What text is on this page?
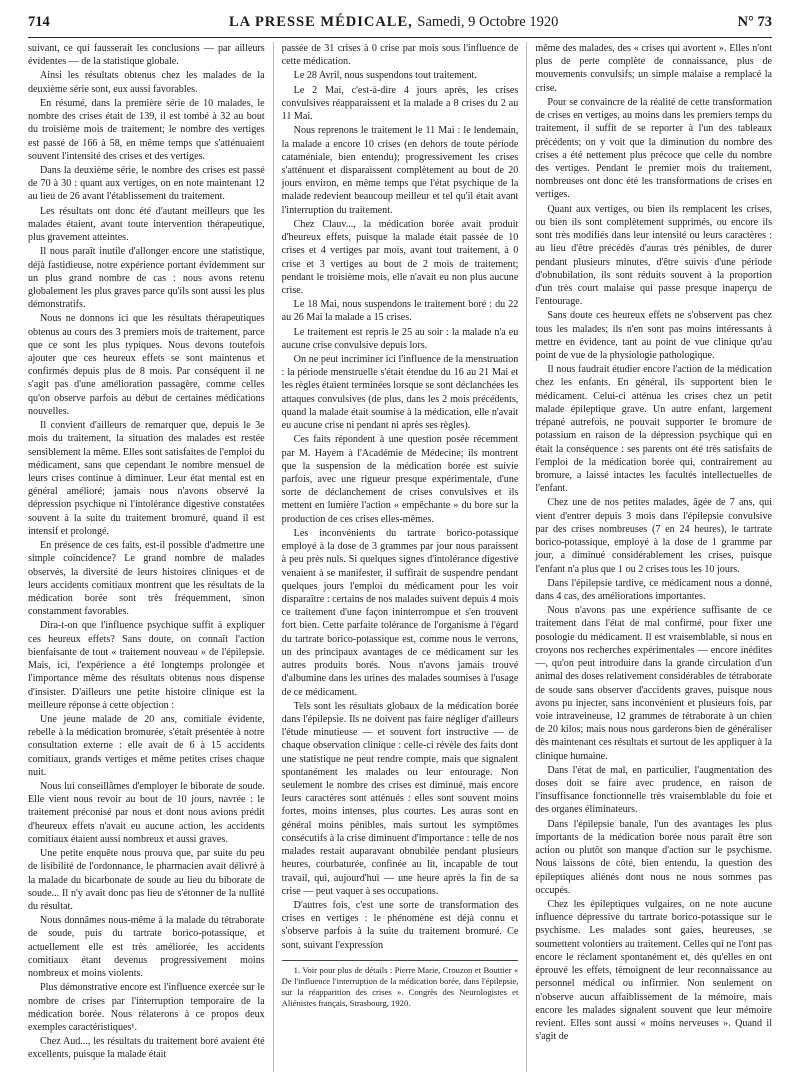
714	LA PRESSE MÉDICALE, Samedi, 9 Octobre 1920	N° 73

suivant, ce qui fausserait les conclusions — par ailleurs évidentes — de la statistique globale.

Ainsi les résultats obtenus chez les malades de la deuxième série sont, eux aussi favorables.

En résumé, dans la première série de 10 malades, le nombre des crises était de 139, il est tombé à 32 au bout du troisième mois de traitement; le nombre des vertiges est passé de 166 à 58, en même temps que s'atténuaient souvent l'intensité des crises et des vertiges.

Dans la deuxième série, le nombre des crises est passé de 70 à 30 : quant aux vertiges, on en note maintenant 12 au lieu de 26 avant l'établissement du traitement.

Les résultats ont donc été d'autant meilleurs que les malades étaient, avant toute intervention thérapeutique, plus gravement atteintes.

Il nous paraît inutile d'allonger encore une statistique, déjà fastidieuse, notre expérience portant évidemment sur un plus grand nombre de cas : nous avons retenu globalement les plus graves parce qu'ils sont aussi les plus démonstratifs.

Nous ne donnons ici que les résultats thérapeutiques obtenus au cours des 3 premiers mois de traitement, parce que ce sont les plus typiques. Nous devons toutefois ajouter que ces heureux effets se sont maintenus et confirmés depuis plus de 8 mois. Par conséquent il ne s'agit pas d'une amélioration passagère, comme celles qu'on observe parfois au début de certaines médications nouvelles.

Il convient d'ailleurs de remarquer que, depuis le 3e mois du traitement, la situation des malades est restée sensiblement la même. Elles sont satisfaites de l'emploi du médicament, sans que cependant le nombre mensuel de leurs crises continue à diminuer. Leur état mental est en général amélioré; jamais nous n'avons observé la dépression psychique ni l'intolérance digestive constatées souvent à la suite du traitement bromuré, quand il est intensif et prolongé.

En présence de ces faits, est-il possible d'admettre une simple coïncidence? Le grand nombre de malades observés, la diversité de leurs histoires cliniques et de leurs accidents comitiaux montrent que les résultats de la médication borée sont très fréquemment, sinon constamment favorables.

Dira-t-on que l'influence psychique suffit à expliquer ces heureux effets? Sans doute, on connaît l'action bienfaisante de tout « traitement nouveau » de l'épilepsie. Mais, ici, l'expérience a été longtemps prolongée et l'importance même des résultats obtenus nous dispense d'insister. D'ailleurs une petite histoire clinique est la meilleure réponse à cette objection :

Une jeune malade de 20 ans, comitiale évidente, rebelle à la médication bromurée, s'était présentée à notre consultation externe : elle avait de 6 à 15 accidents comitiaux, grands vertiges et même petites crises chaque nuit.

Nous lui conseillâmes d'employer le biborate de soude. Elle vient nous revoir au bout de 10 jours, navrée : le traitement préconisé par nous et dont nous avions prédit d'heureux effets n'avait eu aucune action, les accidents comitiaux étaient aussi nombreux et aussi graves.

Une petite enquête nous prouva que, par suite du peu de lisibilité de l'ordonnance, le pharmacien avait délivré à la malade du bicarbonate de soude au lieu du biborate de soude... Il n'y avait donc pas lieu de s'étonner de la nullité du résultat.

Nous donnâmes nous-même à la malade du tétraborate de soude, puis du tartrate borico-potassique, et actuellement elle est très améliorée, les accidents comitiaux étant devenus progressivement moins nombreux et moins violents.

Plus démonstrative encore est l'influence exercée sur le nombre de crises par l'interruption temporaire de la médication borée. Nous rélaterons à ce propos deux exemples caractéristiques¹.

Chez Aud..., les résultats du traitement boré avaient été excellents, puisque la malade était

passée de 31 crises à 0 crise par mois sous l'influence de cette médication.

Le 28 Avril, nous suspendons tout traitement.

Le 2 Mai, c'est-à-dire 4 jours après, les crises convulsives réapparaissent et la malade a 8 crises du 2 au 11 Mai.

Nous reprenons le traitement le 11 Mai : le lendemain, la malade a encore 10 crises (en dehors de toute période cataméniale, bien entendu); progressivement les crises s'atténuent et disparaissent complètement au bout de 20 jours environ, en même temps que l'état psychique de la malade redevient beaucoup meilleur et tel qu'il était avant l'interruption du traitement.

Chez Clauv..., la médication borée avait produit d'heureux effets, puisque la malade était passée de 10 crises et 4 vertiges par mois, avant tout traitement, à 0 crise et 3 vertiges au bout de 2 mois de traitement; pendant le troisième mois, elle n'avait eu non plus aucune crise.

Le 18 Mai, nous suspendons le traitement boré : du 22 au 26 Mai la malade a 15 crises.

Le traitement est repris le 25 au soir : la malade n'a eu aucune crise convulsive depuis lors.

On ne peut incriminer ici l'influence de la menstruation : la période menstruelle s'était étendue du 16 au 21 Mai et les règles étaient terminées lorsque se sont déclanchées les attaques convulsives (de plus, dans les 2 mois précédents, quand la malade était soumise à la médication, elle n'avait eu aucune crise ni pendant ni après ses règles).

Ces faits répondent à une question posée récemment par M. Hayem à l'Académie de Médecine; ils montrent que la suspension de la médication borée est suivie parfois, avec une rigueur presque expérimentale, d'une sorte de déclanchement de crises convulsives et ils mettent en lumière l'action « empêchante » du bore sur la production de ces crises elles-mêmes.

Les inconvénients du tartrate borico-potassique employé à la dose de 3 grammes par jour nous paraissent à peu près nuls. Si quelques signes d'intolérance digestive venaient à se manifester, il suffirait de suspendre pendant quelques jours l'emploi du médicament pour les voir disparaître : certains de nos malades suivent depuis 4 mois ce traitement d'une façon ininterrompue et s'en trouvent fort bien. Cette parfaite tolérance de l'organisme à l'égard du tartrate borico-potassique est, comme nous le verrons, un des principaux avantages de ce médicament sur les autres produits borés. Nous n'avons jamais trouvé d'albumine dans les urines des malades soumises à l'usage de ce médicament.

Tels sont les résultats globaux de la médication borée dans l'épilepsie. Ils ne doivent pas faire négliger d'ailleurs l'étude minutieuse — et souvent fort instructive — de chaque observation clinique : celle-ci révèle des faits dont une statistique ne peut rendre compte, mais que signalent spontanément les malades ou leur entourage. Non seulement le nombre des crises est diminué, mais encore leurs caractères sont atténués : elles sont souvent moins fortes, moins intenses, plus courtes. Les auras sont en général moins pénibles, mais surtout les symptômes consécutifs à la crise diminuent d'importance : telle de nos malades restait auparavant obnubilée pendant plusieurs heures, courbaturée, confinée au lit, incapable de tout travail, qui, aujourd'hui — une heure après la fin de sa crise — peut vaquer à ses occupations.

D'autres fois, c'est une sorte de transformation des crises en vertiges : le phénomène est déjà connu et s'observe parfois à la suite du traitement bromuré. Ce sont, suivant l'expression

1. Voir pour plus de détails : Pierre Marie, Crouzon et Bouttier « De l'influence l'interruption de la médication borée, dans l'épilepsie, sur la réapparition des crises ». Congrès des Neurologistes et Aliénistes français, Strasbourg, 1920.

même des malades, des « crises qui avortent ». Elles n'ont plus de perte complète de connaissance, plus de mouvements convulsifs; un simple malaise a remplacé la crise.

Pour se convaincre de la réalité de cette transformation de crises en vertiges, au moins dans les premiers temps du traitement, il suffit de se reporter à l'un des tableaux précédents; on y voit que la diminution du nombre des crises a été nettement plus précoce que celle du nombre des vertiges. Pendant le premier mois du traitement, nombreuses ont donc été les transformations de crises en vertiges.

Quant aux vertiges, ou bien ils remplacent les crises, ou bien ils sont complètement supprimés, ou encore ils sont très modifiés dans leur intensité ou leurs caractères : au lieu d'être précédés d'auras très pénibles, de durer pendant plusieurs minutes, d'être suivis d'une période d'obnubilation, ils sont réduits souvent à la proportion d'un très court malaise qui passe presque inaperçu de l'entourage.

Sans doute ces heureux effets ne s'observent pas chez tous les malades; ils n'en sont pas moins intéressants à mettre en évidence, tant au point de vue clinique qu'au point de vue de la physiologie pathologique.

Il nous faudrait étudier encore l'action de la médication chez les enfants. En général, ils supportent bien le médicament. Celui-ci atténua les crises chez un petit malade épileptique grave. Un autre enfant, largement trépané autrefois, ne pouvait supporter le bromure de potassium en raison de la dépression psychique qui en était la conséquence : ses parents ont été très satisfaits de l'emploi de la médication borée qui, contrairement au bromure, a laissé intactes les facultés intellectuelles de l'enfant.

Chez une de nos petites malades, âgée de 7 ans, qui vient d'entrer depuis 3 mois dans l'épilepsie convulsive par des crises nombreuses (7 en 24 heures), le tartrate borico-potassique, employé à la dose de 1 gramme par jour, a diminué considérablement les crises, puisque l'enfant n'a plus que 1 ou 2 crises tous les 10 jours.

Dans l'épilepsie tardive, ce médicament nous a donné, dans 4 cas, des améliorations importantes.

Nous n'avons pas une expérience suffisante de ce traitement dans l'état de mal confirmé, pour fixer une posologie du médicament. Il est vraisemblable, si nous en croyons nos recherches expérimentales — encore inédites —, qu'on peut introduire dans la grande circulation d'un animal des doses relativement considérables de tétraborate de soude sans observer d'accidents graves, puisque nous avons pu injecter, sans inconvénient et plusieurs fois, par voie intraveineuse, 12 grammes de tétraborate à un chien de 20 kilos; mais nous nous garderons bien de généraliser dès maintenant ces résultats et surtout de les appliquer à la clinique humaine.

Dans l'état de mal, en particulier, l'augmentation des doses doit se faire avec prudence, en raison de l'insuffisance fonctionnelle très vraisemblable du foie et des organes éliminateurs.

Dans l'épilepsie banale, l'un des avantages les plus importants de la médication borée nous paraît être son action ou plutôt son manque d'action sur le psychisme. Nous laissons de côté, bien entendu, la question des épileptiques aliénés dont nous ne nous sommes pas occupés.

Chez les épileptiques vulgaires, on ne note aucune influence dépressive du tartrate borico-potassique sur le psychisme. Les malades sont gaies, heureuses, se soumettent volontiers au traitement. Celles qui ne l'ont pas encore le réclament spontanément et, dès qu'elles en ont éprouvé les effets, témoignent de leur reconnaissance au personnel médical ou infirmier. Non seulement on n'observe aucun affaiblissement de la mémoire, mais encore les malades signalent souvent que leur mémoire revient. Elles sont aussi « moins nerveuses ». Quand il s'agit de
